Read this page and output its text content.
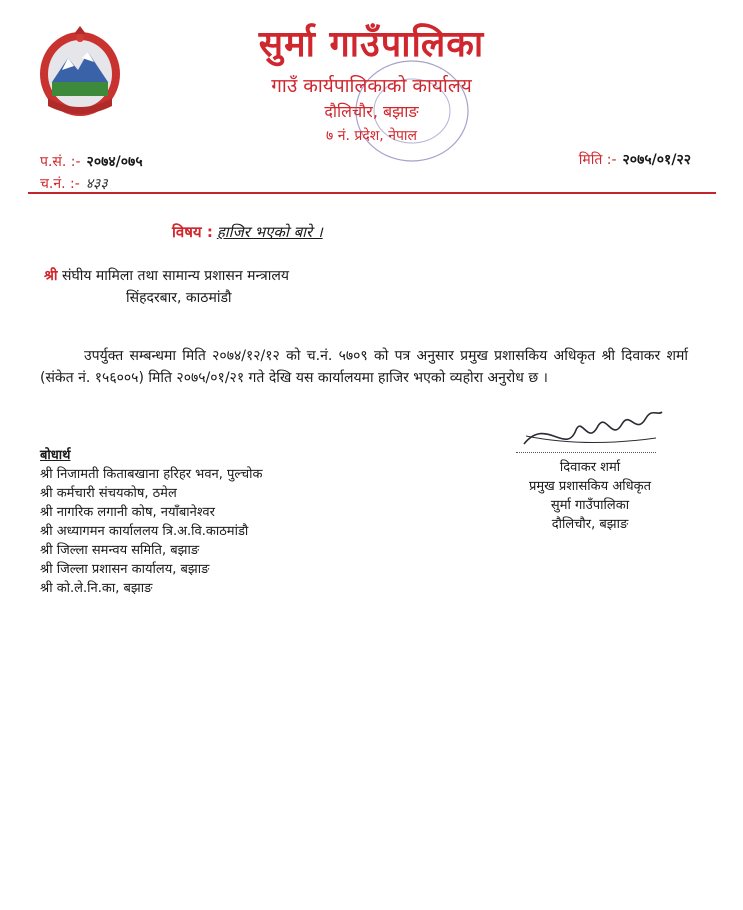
सुर्मा गाउँपालिका
गाउँ कार्यपालिकाको कार्यालय
दौलिचौर, बझाङ
७ नं. प्रदेश, नेपाल
प.सं. :- २०७४/०७५
च.नं. :- ४३३
मिति :- २०७५/०१/२२
विषय : हाजिर भएको बारे ।
श्री संघीय मामिला तथा सामान्य प्रशासन मन्त्रालय
सिंहदरबार, काठमांडौ
उपर्युक्त सम्बन्धमा मिति २०७४/१२/१२ को च.नं. ५७०९ को पत्र अनुसार प्रमुख प्रशासकिय अधिकृत श्री दिवाकर शर्मा (संकेत नं. १५६००५) मिति २०७५/०१/२१ गते देखि यस कार्यालयमा हाजिर भएको व्यहोरा अनुरोध छ ।
दिवाकर शर्मा
प्रमुख प्रशासकिय अधिकृत
सुर्मा गाउँपालिका
दौलिचौर, बझाङ
बोधार्थ
श्री निजामती किताबखाना हरिहर भवन, पुल्चोक
श्री कर्मचारी संचयकोष, ठमेल
श्री नागरिक लगानी कोष, नयाँबानेश्वर
श्री अध्यागमन कार्याललय त्रि.अ.वि.काठमांडौ
श्री जिल्ला समन्वय समिति, बझाङ
श्री जिल्ला प्रशासन कार्यालय, बझाङ
श्री को.ले.नि.का, बझाङ
